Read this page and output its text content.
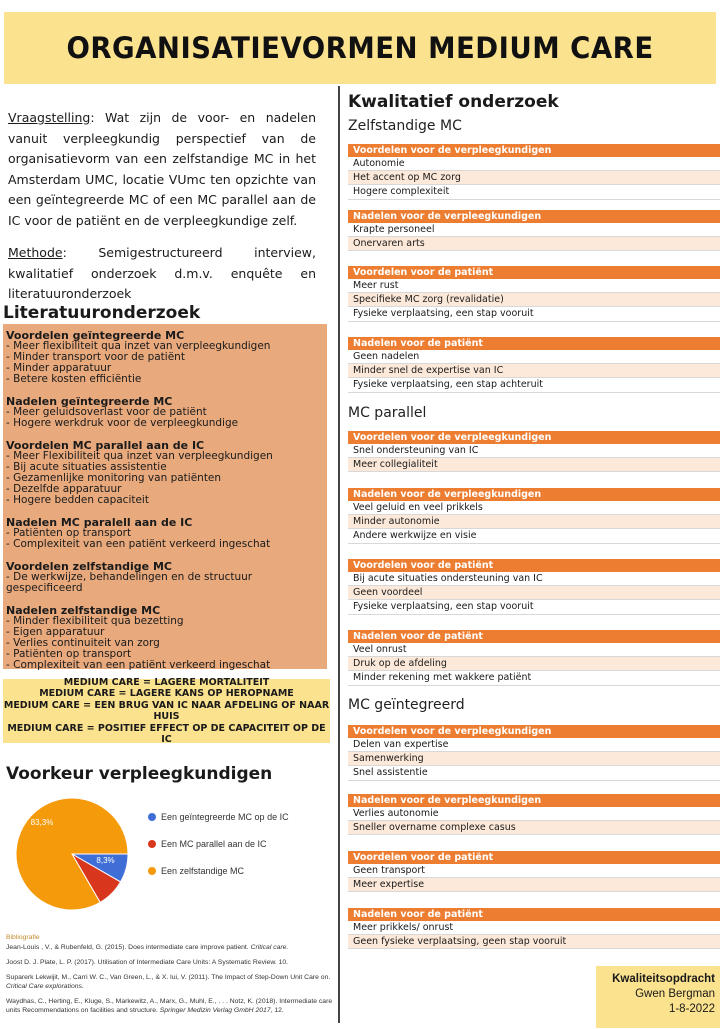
ORGANISATIEVORMEN MEDIUM CARE

Vraagstelling: Wat zijn de voor- en nadelen vanuit verpleegkundig perspectief van de organisatievorm van een zelfstandige MC in het Amsterdam UMC, locatie VUmc ten opzichte van een geïntegreerde MC of een MC parallel aan de IC voor de patiënt en de verpleegkundige zelf.

Methode: Semigestructureerd interview, kwalitatief onderzoek d.m.v. enquête en literatuuronderzoek

Literatuuronderzoek
Voordelen geïntegreerde MC
- Meer flexibiliteit qua inzet van verpleegkundigen
- Minder transport voor de patiënt
- Minder apparatuur
- Betere kosten efficiëntie
Nadelen geïntegreerde MC
- Meer geluidsoverlast voor de patiënt
- Hogere werkdruk voor de verpleegkundige
Voordelen MC parallel aan de IC
- Meer Flexibiliteit qua inzet van verpleegkundigen
- Bij acute situaties assistentie
- Gezamenlijke monitoring van patiënten
- Dezelfde apparatuur
- Hogere bedden capaciteit
Nadelen MC paralell aan de IC
- Patiënten op transport
- Complexiteit van een patiënt verkeerd ingeschat
Voordelen zelfstandige MC
- De werkwijze, behandelingen en de structuur gespecificeerd
Nadelen zelfstandige MC
- Minder flexibiliteit qua bezetting
- Eigen apparatuur
- Verlies continuiteit van zorg
- Patiënten op transport
- Complexiteit van een patiënt verkeerd ingeschat
MEDIUM CARE = LAGERE MORTALITEIT
MEDIUM CARE = LAGERE KANS OP HEROPNAME
MEDIUM CARE = EEN BRUG VAN IC NAAR AFDELING OF NAAR HUIS
MEDIUM CARE = POSITIEF EFFECT OP DE CAPACITEIT OP DE IC
Voorkeur verpleegkundigen
8,3%
83,3%
Een geïntegreerde MC op de IC
Een MC parallel aan de IC
Een zelfstandige MC
Bibliografie
Jean-Louis , V., & Rubenfeld, G. (2015). Does intermediate care improve patient. Critical care.
Joost D. J. Plate, L. P. (2017). Utilisation of Intermediate Care Units: A Systematic Review. 10.
Suparerk Lekwijit, M., Carri W. C., Van Green, L., & X. lui, V. (2011). The Impact of Step-Down Unit Care on. Critical Care explorations.
Waydhas, C., Herting, E., Kluge, S., Markewitz, A., Marx, G., Muhl, E., . . . Notz, K. (2018). Intermediate care units Recommendations on facilities and structure. Springer Medizin Verlag GmbH 2017, 12.
Kwalitatief onderzoek
Zelfstandige MC
Voordelen voor de verpleegkundigen
Autonomie
Het accent op MC zorg
Hogere complexiteit
Nadelen voor de verpleegkundigen
Krapte personeel
Onervaren arts
Voordelen voor de patiënt
Meer rust
Specifieke MC zorg (revalidatie)
Fysieke verplaatsing, een stap vooruit
Nadelen voor de patiënt
Geen nadelen
Minder snel de expertise van IC
Fysieke verplaatsing, een stap achteruit
MC parallel
Voordelen voor de verpleegkundigen
Snel ondersteuning van IC
Meer collegialiteit
Nadelen voor de verpleegkundigen
Veel geluid en veel prikkels
Minder autonomie
Andere werkwijze en visie
Voordelen voor de patiënt
Bij acute situaties ondersteuning van IC
Geen voordeel
Fysieke verplaatsing, een stap vooruit
Nadelen voor de patiënt
Veel onrust
Druk op de afdeling
Minder rekening met wakkere patiënt
MC geïntegreerd
Voordelen voor de verpleegkundigen
Delen van expertise
Samenwerking
Snel assistentie
Nadelen voor de verpleegkundigen
Verlies autonomie
Sneller overname complexe casus
Voordelen voor de patiënt
Geen transport
Meer expertise
Nadelen voor de patiënt
Meer prikkels/ onrust
Geen fysieke verplaatsing, geen stap vooruit
Kwaliteitsopdracht
Gwen Bergman
1-8-2022
